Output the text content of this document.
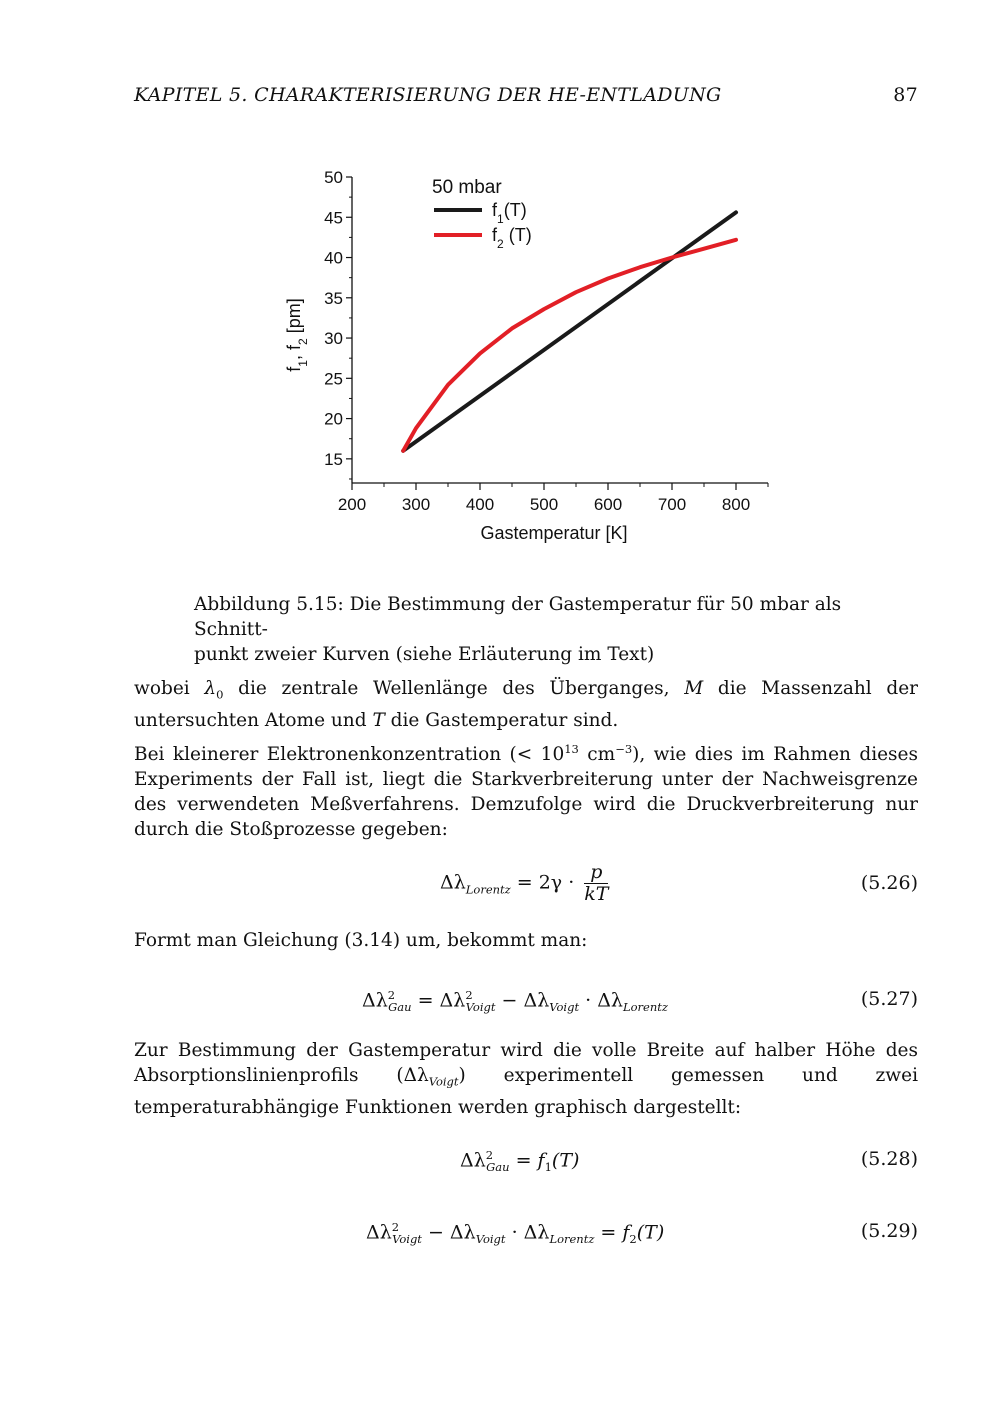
KAPITEL 5. CHARAKTERISIERUNG DER HE-ENTLADUNG	87
15
20
25
30
35
40
45
50
200 300 400 500 600 700 800
Gastemperatur [K]
$f_1$, $f_2$ [pm]
50 mbar
$f_1(T)$
$f_2$ (T)
Abbildung 5.15: Die Bestimmung der Gastemperatur für 50 mbar als Schnitt-
punkt zweier Kurven (siehe Erläuterung im Text)
wobei $\lambda_0$ die zentrale Wellenlänge des Überganges, M die Massenzahl der untersuchten Atome und T die Gastemperatur sind.
Bei kleinerer Elektronenkonzentration (< $10^{13}$ $cm^{-3}$), wie dies im Rahmen dieses Experiments der Fall ist, liegt die Starkverbreiterung unter der Nachweisgrenze des verwendeten Meßverfahrens. Demzufolge wird die Druckverbreiterung nur durch die Stoßprozesse gegeben:
$\Delta\lambda_{Lorentz} = 2\gamma \cdot \frac{p}{kT}$	(5.26)
Formt man Gleichung (3.14) um, bekommt man:
$\Delta\lambda^2_{Gau} = \Delta\lambda^2_{Voigt} - \Delta\lambda_{Voigt} \cdot \Delta\lambda_{Lorentz}$	(5.27)
Zur Bestimmung der Gastemperatur wird die volle Breite auf halber Höhe des Absorptionslinienprofils $(\Delta\lambda_{Voigt})$ experimentell gemessen und zwei temperaturabhängige Funktionen werden graphisch dargestellt:
$\Delta\lambda^2_{Gau} = f_1(T)$	(5.28)
$\Delta\lambda^2_{Voigt} - \Delta\lambda_{Voigt} \cdot \Delta\lambda_{Lorentz} = f_2(T)$	(5.29)
